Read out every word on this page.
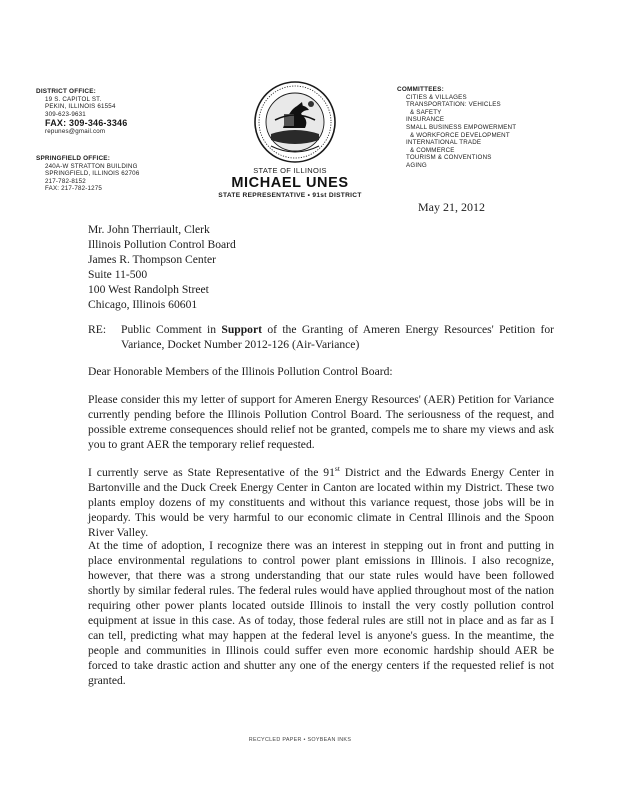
DISTRICT OFFICE:
19 S. CAPITOL ST.
PEKIN, ILLINOIS 61554
309-623-9631
FAX: 309-346-3346
repunes@gmail.com
SPRINGFIELD OFFICE:
240A-W STRATTON BUILDING
SPRINGFIELD, ILLINOIS 62706
217-782-8152
FAX: 217-782-1275
STATE OF ILLINOIS
MICHAEL UNES
STATE REPRESENTATIVE • 91st DISTRICT
COMMITTEES:
CITIES & VILLAGES
TRANSPORTATION: VEHICLES
& SAFETY
INSURANCE
SMALL BUSINESS EMPOWERMENT
& WORKFORCE DEVELOPMENT
INTERNATIONAL TRADE
& COMMERCE
TOURISM & CONVENTIONS
AGING
May 21, 2012
Mr. John Therriault, Clerk
Illinois Pollution Control Board
James R. Thompson Center
Suite 11-500
100 West Randolph Street
Chicago, Illinois 60601
RE:	Public Comment in Support of the Granting of Ameren Energy Resources' Petition for Variance, Docket Number 2012-126 (Air-Variance)
Dear Honorable Members of the Illinois Pollution Control Board:
Please consider this my letter of support for Ameren Energy Resources' (AER) Petition for Variance currently pending before the Illinois Pollution Control Board. The seriousness of the request, and possible extreme consequences should relief not be granted, compels me to share my views and ask you to grant AER the temporary relief requested.
I currently serve as State Representative of the 91st District and the Edwards Energy Center in Bartonville and the Duck Creek Energy Center in Canton are located within my District. These two plants employ dozens of my constituents and without this variance request, those jobs will be in jeopardy. This would be very harmful to our economic climate in Central Illinois and the Spoon River Valley.
At the time of adoption, I recognize there was an interest in stepping out in front and putting in place environmental regulations to control power plant emissions in Illinois. I also recognize, however, that there was a strong understanding that our state rules would have been followed shortly by similar federal rules. The federal rules would have applied throughout most of the nation requiring other power plants located outside Illinois to install the very costly pollution control equipment at issue in this case. As of today, those federal rules are still not in place and as far as I can tell, predicting what may happen at the federal level is anyone's guess. In the meantime, the people and communities in Illinois could suffer even more economic hardship should AER be forced to take drastic action and shutter any one of the energy centers if the requested relief is not granted.
RECYCLED PAPER • SOYBEAN INKS
